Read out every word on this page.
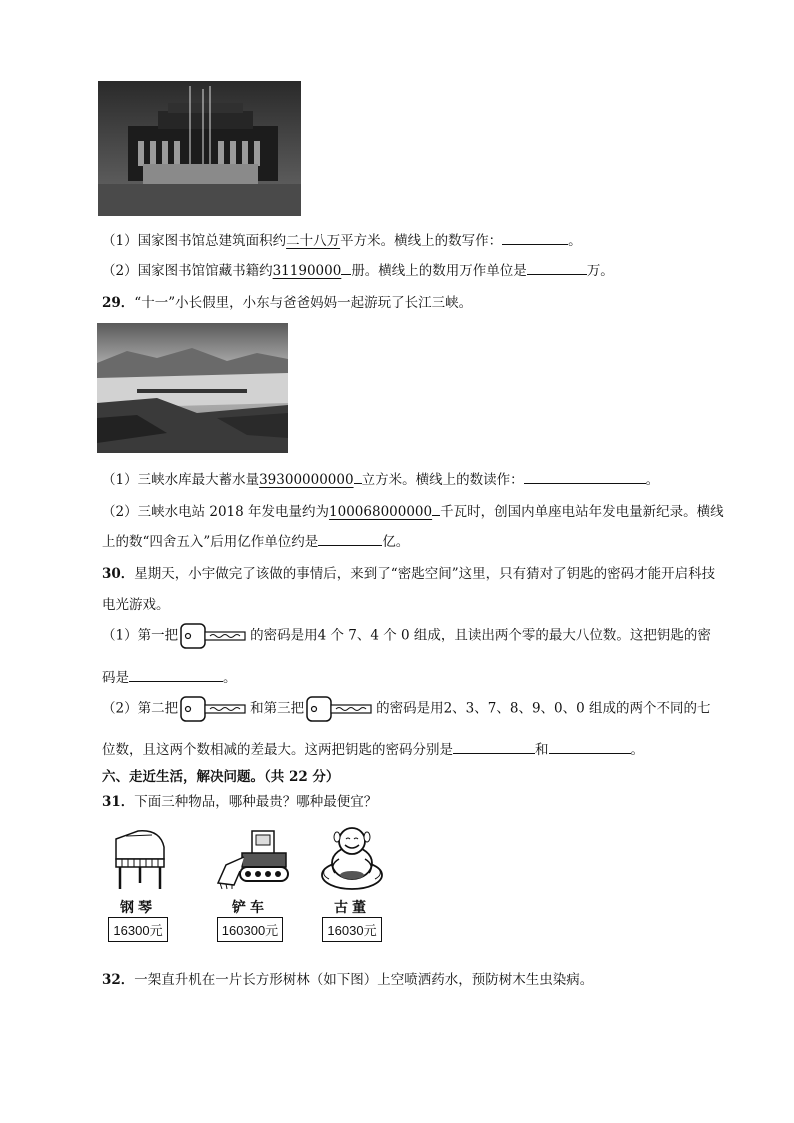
（1）国家图书馆总建筑面积约二十八万平方米。横线上的数写作：	。
（2）国家图书馆馆藏书籍约31190000 册。横线上的数用万作单位是	万。
29．“十一”小长假里，小东与爸爸妈妈一起游玩了长江三峡。
（1）三峡水库最大蓄水量39300000000 立方米。横线上的数读作：	。
（2）三峡水电站 2018 年发电量约为100068000000 千瓦时，创国内单座电站年发电量新纪录。横线
上的数“四舍五入”后用亿作单位约是	亿。
30．星期天，小宇做完了该做的事情后，来到了“密匙空间”这里，只有猜对了钥匙的密码才能开启科技
电光游戏。
（1）第一把	的密码是用4 个 7、4 个 0 组成，且读出两个零的最大八位数。这把钥匙的密
码是	。
（2）第二把	和第三把	的密码是用2、3、7、8、9、0、0 组成的两个不同的七
位数，且这两个数相减的差最大。这两把钥匙的密码分别是	和	。
六、走近生活，解决问题。（共 22 分）
31．下面三种物品，哪种最贵？哪种最便宜？
钢琴
16300元
铲车
160300元
古董
16030元
32．一架直升机在一片长方形树林（如下图）上空喷洒药水，预防树木生虫染病。
